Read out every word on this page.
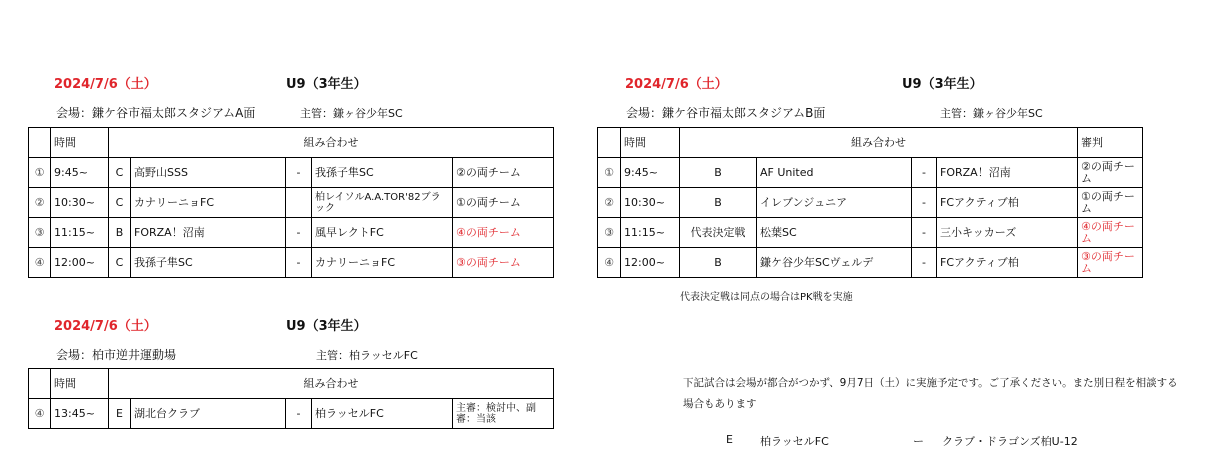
2024/7/6（土）	U9（3年生）
会場：鎌ケ谷市福太郎スタジアムA面	主管：鎌ヶ谷少年SC
	時間	組み合わせ	
①	9:45~	C	高野山SSS	-	我孫子隼SC	②の両チーム	
②	10:30~	C	カナリーニョFC		柏レイソルA.A.TOR'82ブラック	①の両チーム	
③	11:15~	B	FORZA！沼南	-	風早レクトFC	④の両チーム	
④	12:00~	C	我孫子隼SC	-	カナリーニョFC	③の両チーム	
2024/7/6（土）	U9（3年生）
会場：鎌ケ谷市福太郎スタジアムB面	主管：鎌ヶ谷少年SC
	時間	組み合わせ				審判
①	9:45~	B	AF United	-	FORZA！沼南	②の両チーム
②	10:30~	B	イレブンジュニア	-	FCアクティブ柏	①の両チーム
③	11:15~	代表決定戦	松葉SC	-	三小キッカーズ	④の両チーム
④	12:00~	B	鎌ケ谷少年SCヴェルデ	-	FCアクティブ柏	③の両チーム
代表決定戦は同点の場合はPK戦を実施
2024/7/6（土）	U9（3年生）
会場：柏市逆井運動場	主管：柏ラッセルFC
	時間	組み合わせ	
④	13:45~	E	湖北台クラブ	-	柏ラッセルFC	主審：検討中、副審：当該	
下記試合は会場が都合がつかず、9月7日（土）に実施予定です。ご了承ください。また別日程を相談する場合もあります
E 柏ラッセルFC	ー クラブ・ドラゴンズ柏U-12
